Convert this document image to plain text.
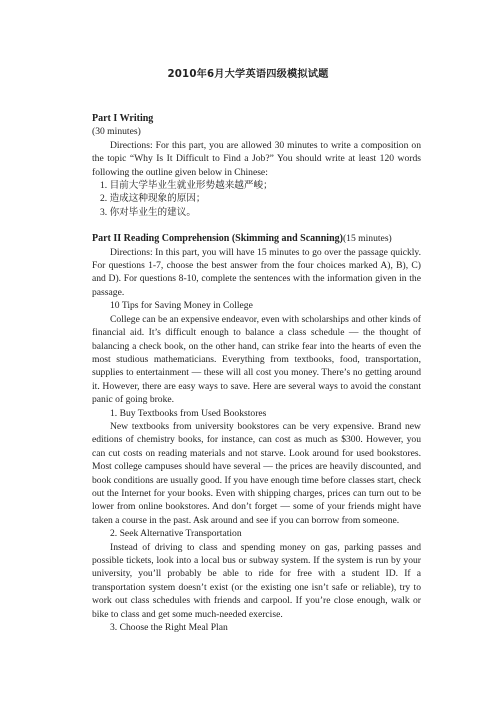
2010年6月大学英语四级模拟试题
Part I Writing
(30 minutes)
Directions: For this part, you are allowed 30 minutes to write a composition on the topic “Why Is It Difficult to Find a Job?” You should write at least 120 words following the outline given below in Chinese:
1. 目前大学毕业生就业形势越来越严峻；
2. 造成这种现象的原因；
3. 你对毕业生的建议。
Part II Reading Comprehension (Skimming and Scanning)(15 minutes)
Directions: In this part, you will have 15 minutes to go over the passage quickly. For questions 1-7, choose the best answer from the four choices marked A), B), C) and D). For questions 8-10, complete the sentences with the information given in the passage.
10 Tips for Saving Money in College
College can be an expensive endeavor, even with scholarships and other kinds of financial aid. It’s difficult enough to balance a class schedule — the thought of balancing a check book, on the other hand, can strike fear into the hearts of even the most studious mathematicians. Everything from textbooks, food, transportation, supplies to entertainment — these will all cost you money. There’s no getting around it. However, there are easy ways to save. Here are several ways to avoid the constant panic of going broke.
1. Buy Textbooks from Used Bookstores
New textbooks from university bookstores can be very expensive. Brand new editions of chemistry books, for instance, can cost as much as $300. However, you can cut costs on reading materials and not starve. Look around for used bookstores. Most college campuses should have several — the prices are heavily discounted, and book conditions are usually good. If you have enough time before classes start, check out the Internet for your books. Even with shipping charges, prices can turn out to be lower from online bookstores. And don’t forget — some of your friends might have taken a course in the past. Ask around and see if you can borrow from someone.
2. Seek Alternative Transportation
Instead of driving to class and spending money on gas, parking passes and possible tickets, look into a local bus or subway system. If the system is run by your university, you’ll probably be able to ride for free with a student ID. If a transportation system doesn’t exist (or the existing one isn’t safe or reliable), try to work out class schedules with friends and carpool. If you’re close enough, walk or bike to class and get some much-needed exercise.
3. Choose the Right Meal Plan
